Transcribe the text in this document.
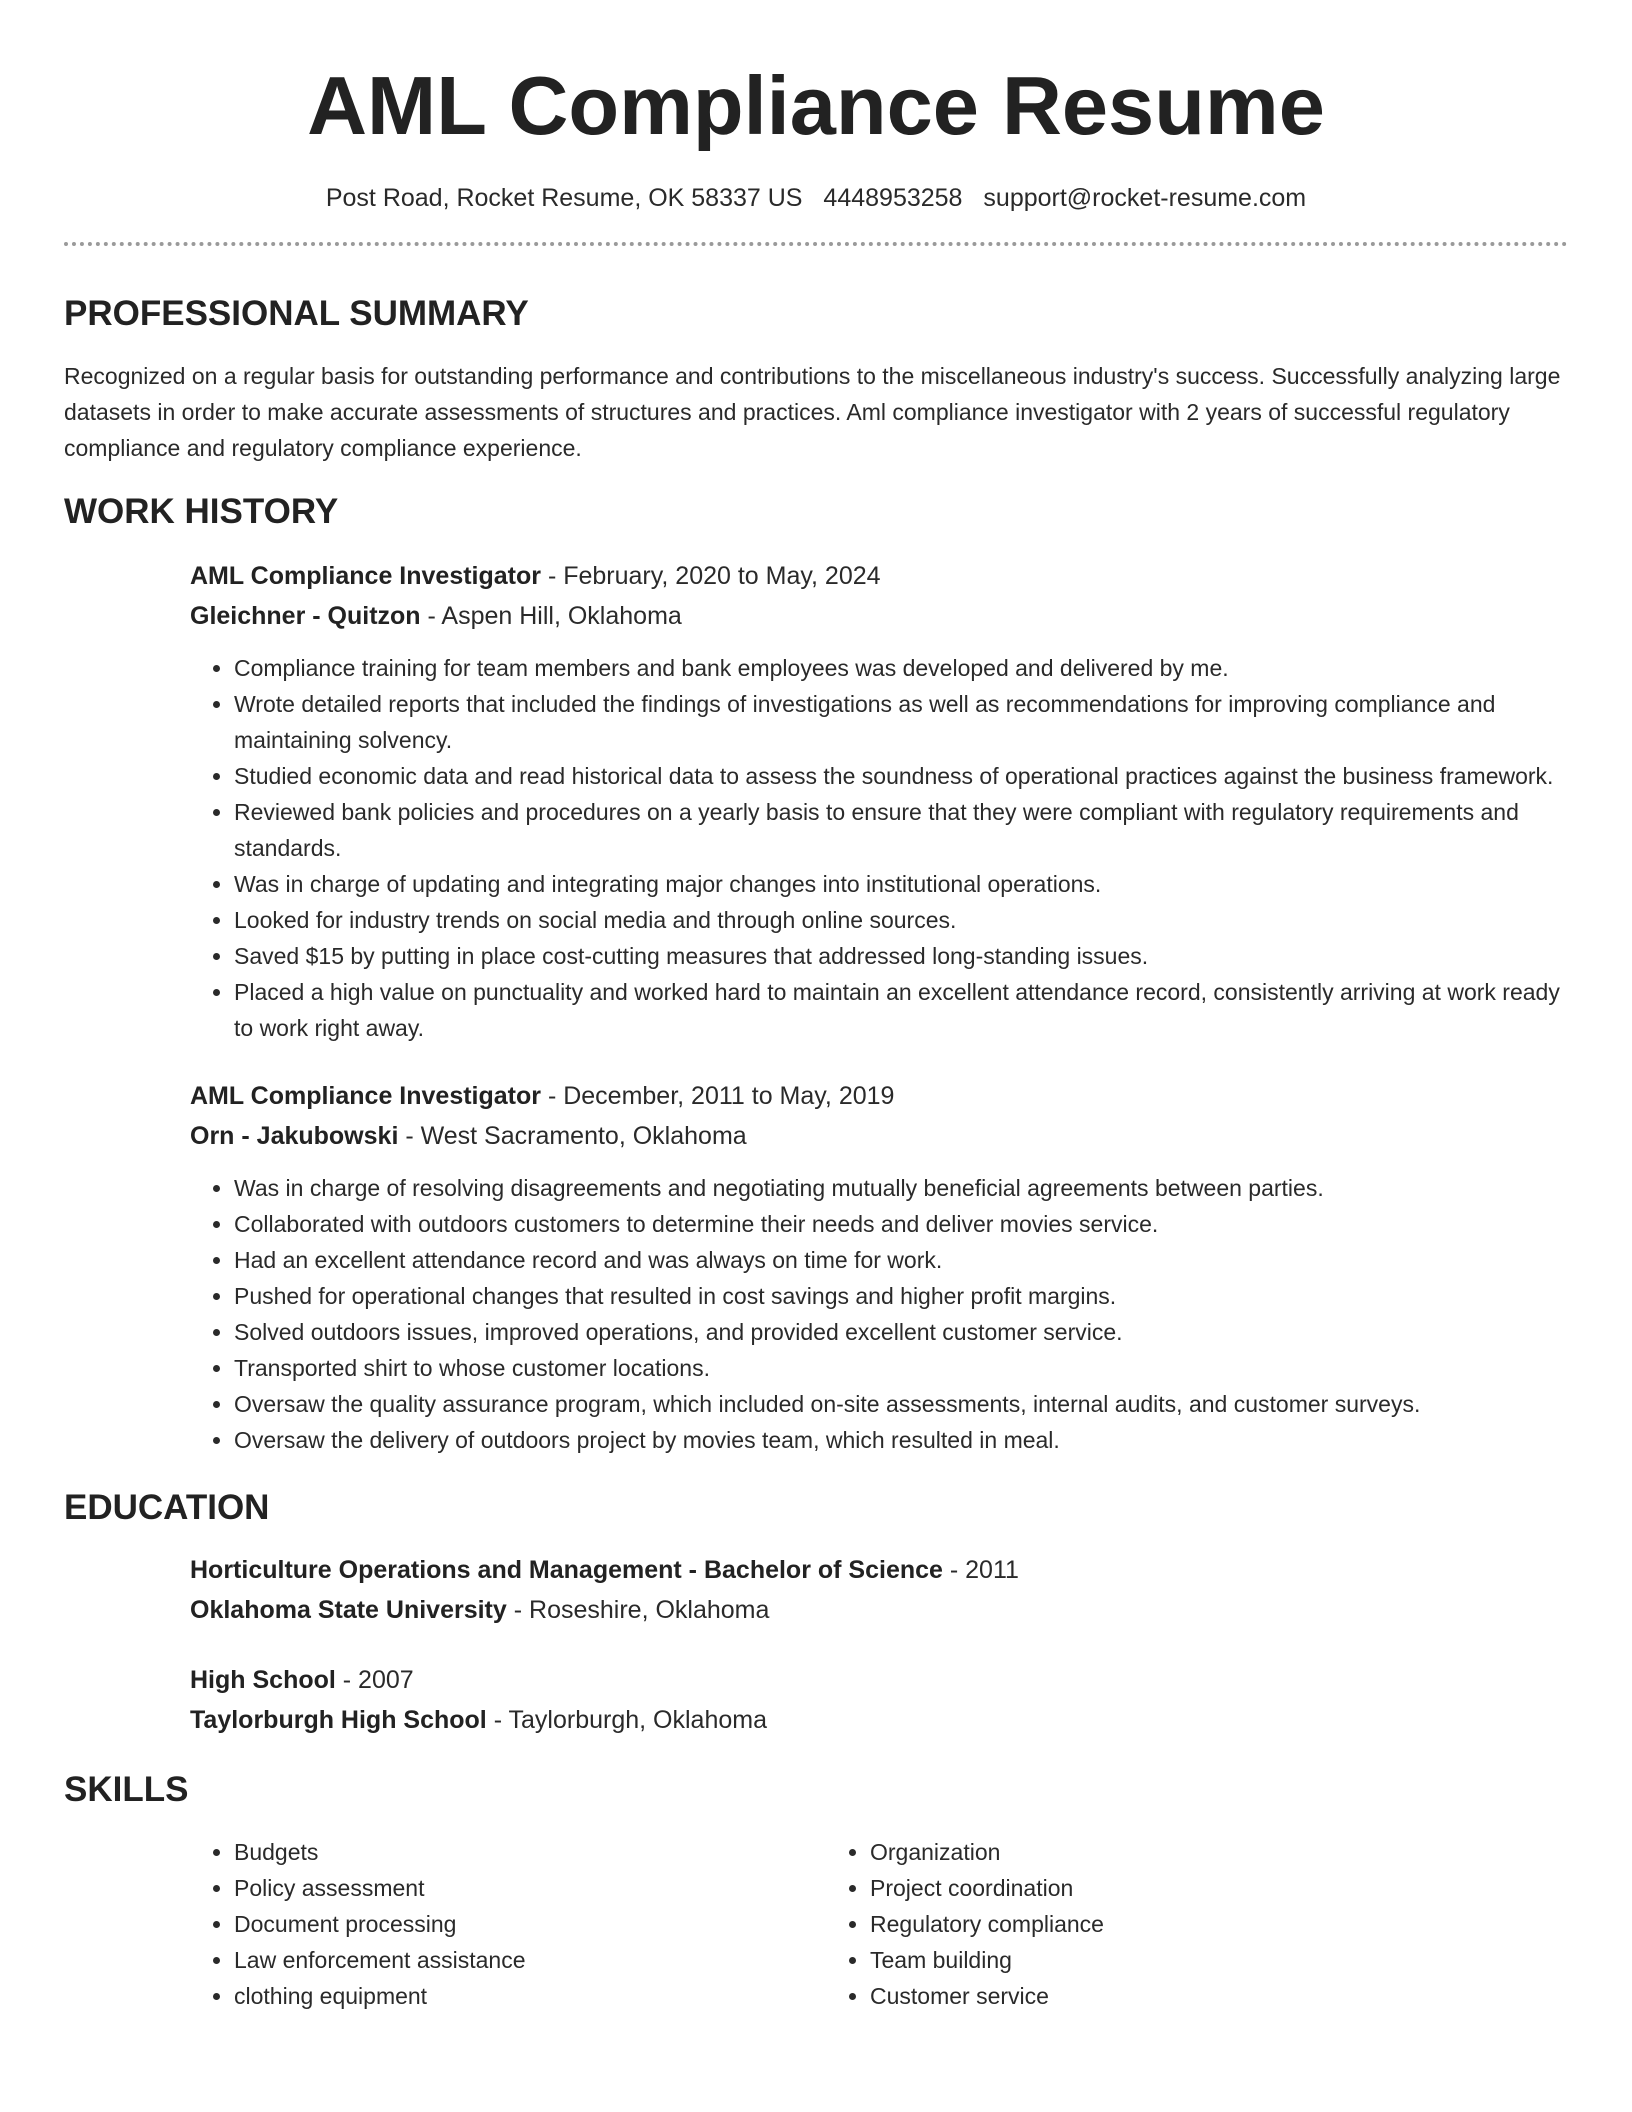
AML Compliance Resume
Post Road, Rocket Resume, OK 58337 US 4448953258 support@rocket-resume.com
PROFESSIONAL SUMMARY

Recognized on a regular basis for outstanding performance and contributions to the miscellaneous industry's success. Successfully analyzing large datasets in order to make accurate assessments of structures and practices. Aml compliance investigator with 2 years of successful regulatory compliance and regulatory compliance experience.

WORK HISTORY
AML Compliance Investigator - February, 2020 to May, 2024
Gleichner - Quitzon - Aspen Hill, Oklahoma
• Compliance training for team members and bank employees was developed and delivered by me.
• Wrote detailed reports that included the findings of investigations as well as recommendations for improving compliance and maintaining solvency.
• Studied economic data and read historical data to assess the soundness of operational practices against the business framework.
• Reviewed bank policies and procedures on a yearly basis to ensure that they were compliant with regulatory requirements and standards.
• Was in charge of updating and integrating major changes into institutional operations.
• Looked for industry trends on social media and through online sources.
• Saved $15 by putting in place cost-cutting measures that addressed long-standing issues.
• Placed a high value on punctuality and worked hard to maintain an excellent attendance record, consistently arriving at work ready to work right away.
AML Compliance Investigator - December, 2011 to May, 2019
Orn - Jakubowski - West Sacramento, Oklahoma
• Was in charge of resolving disagreements and negotiating mutually beneficial agreements between parties.
• Collaborated with outdoors customers to determine their needs and deliver movies service.
• Had an excellent attendance record and was always on time for work.
• Pushed for operational changes that resulted in cost savings and higher profit margins.
• Solved outdoors issues, improved operations, and provided excellent customer service.
• Transported shirt to whose customer locations.
• Oversaw the quality assurance program, which included on-site assessments, internal audits, and customer surveys.
• Oversaw the delivery of outdoors project by movies team, which resulted in meal.
EDUCATION
Horticulture Operations and Management - Bachelor of Science - 2011
Oklahoma State University - Roseshire, Oklahoma
High School - 2007
Taylorburgh High School - Taylorburgh, Oklahoma
SKILLS
• Budgets
• Policy assessment
• Document processing
• Law enforcement assistance
• clothing equipment
• Organization
• Project coordination
• Regulatory compliance
• Team building
• Customer service
